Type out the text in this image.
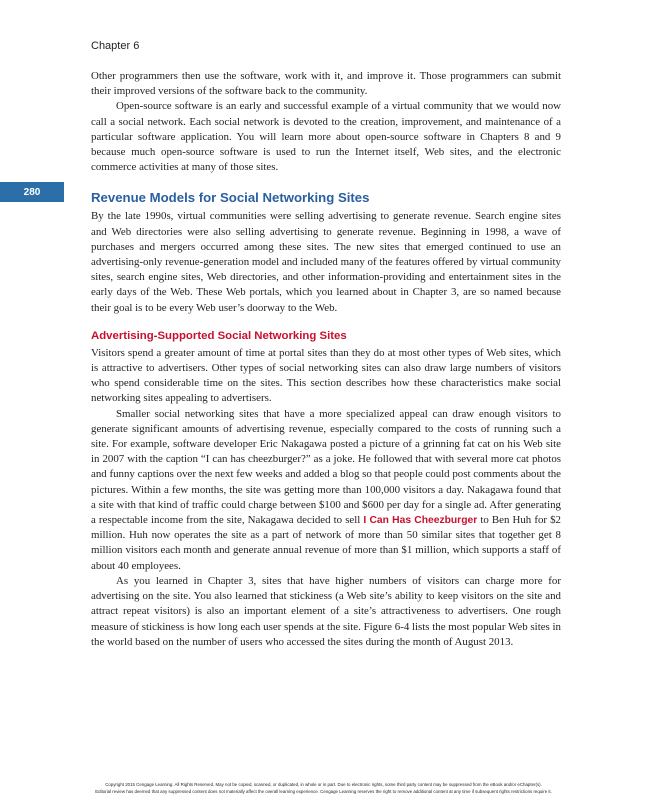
Chapter 6
280

Other programmers then use the software, work with it, and improve it. Those programmers can submit their improved versions of the software back to the community.

Open-source software is an early and successful example of a virtual community that we would now call a social network. Each social network is devoted to the creation, improvement, and maintenance of a particular software application. You will learn more about open-source software in Chapters 8 and 9 because much open-source software is used to run the Internet itself, Web sites, and the electronic commerce activities at many of those sites.

Revenue Models for Social Networking Sites

By the late 1990s, virtual communities were selling advertising to generate revenue. Search engine sites and Web directories were also selling advertising to generate revenue. Beginning in 1998, a wave of purchases and mergers occurred among these sites. The new sites that emerged continued to use an advertising-only revenue-generation model and included many of the features offered by virtual community sites, search engine sites, Web directories, and other information-providing and entertainment sites in the early days of the Web. These Web portals, which you learned about in Chapter 3, are so named because their goal is to be every Web user’s doorway to the Web.

Advertising-Supported Social Networking Sites

Visitors spend a greater amount of time at portal sites than they do at most other types of Web sites, which is attractive to advertisers. Other types of social networking sites can also draw large numbers of visitors who spend considerable time on the sites. This section describes how these characteristics make social networking sites appealing to advertisers.

Smaller social networking sites that have a more specialized appeal can draw enough visitors to generate significant amounts of advertising revenue, especially compared to the costs of running such a site. For example, software developer Eric Nakagawa posted a picture of a grinning fat cat on his Web site in 2007 with the caption “I can has cheezburger?” as a joke. He followed that with several more cat photos and funny captions over the next few weeks and added a blog so that people could post comments about the pictures. Within a few months, the site was getting more than 100,000 visitors a day. Nakagawa found that a site with that kind of traffic could charge between $100 and $600 per day for a single ad. After generating a respectable income from the site, Nakagawa decided to sell I Can Has Cheezburger to Ben Huh for $2 million. Huh now operates the site as a part of network of more than 50 similar sites that together get 8 million visitors each month and generate annual revenue of more than $1 million, which supports a staff of about 40 employees.

As you learned in Chapter 3, sites that have higher numbers of visitors can charge more for advertising on the site. You also learned that stickiness (a Web site’s ability to keep visitors on the site and attract repeat visitors) is also an important element of a site’s attractiveness to advertisers. One rough measure of stickiness is how long each user spends at the site. Figure 6-4 lists the most popular Web sites in the world based on the number of users who accessed the sites during the month of August 2013.

Copyright 2015 Cengage Learning. All Rights Reserved. May not be copied, scanned, or duplicated, in whole or in part. Due to electronic rights, some third party content may be suppressed from the eBook and/or eChapter(s).
Editorial review has deemed that any suppressed content does not materially affect the overall learning experience. Cengage Learning reserves the right to remove additional content at any time if subsequent rights restrictions require it.
